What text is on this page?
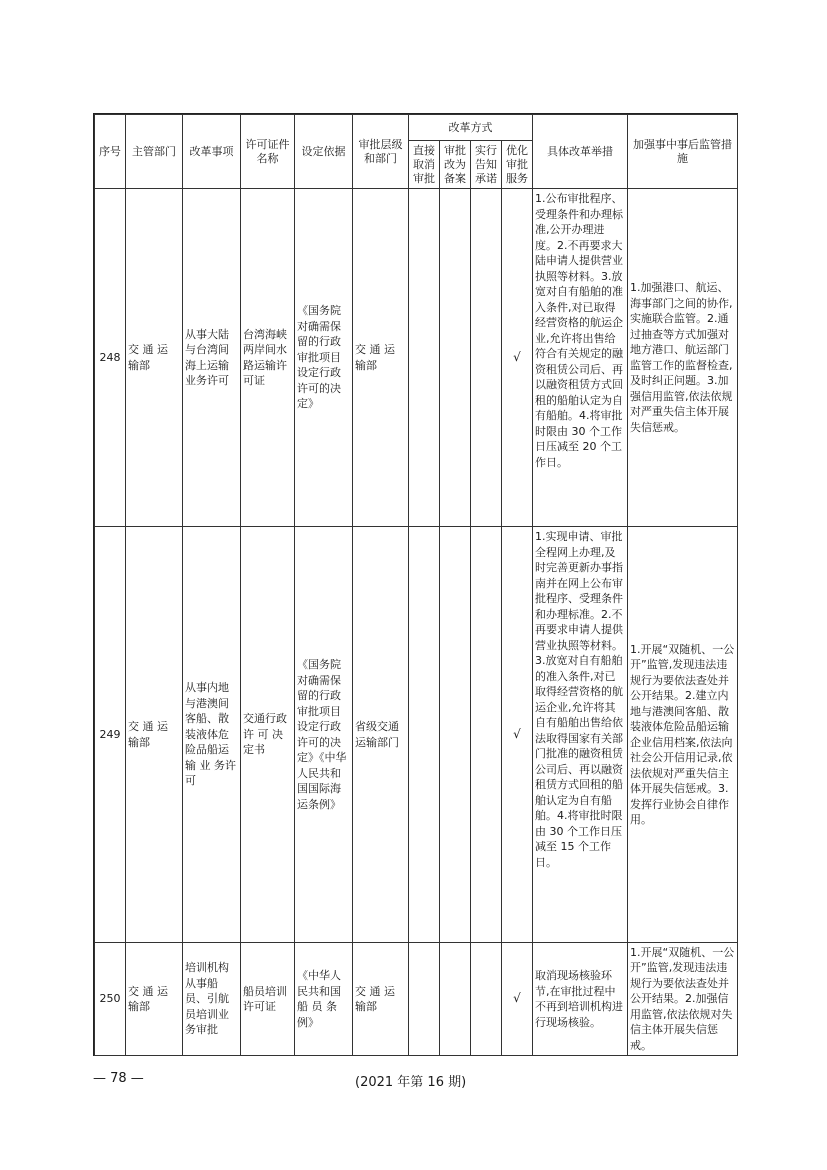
序号	主管部门	改革事项	许可证件名称	设定依据	审批层级和部门	改革方式				具体改革举措	加强事中事后监管措施
						直接取消审批	审批改为备案	实行告知承诺	优化审批服务		
248	交 通 运 输部	从事大陆与台湾间海上运输业务许可	台湾海峡两岸间水路运输许可证	《国务院对确需保留的行政审批项目设定行政许可的决定》	交 通 运 输部				√	1.公布审批程序、受理条件和办理标准,公开办理进度。2.不再要求大陆申请人提供营业执照等材料。3.放宽对自有船舶的准入条件,对已取得经营资格的航运企业,允许将出售给符合有关规定的融资租赁公司后、再以融资租赁方式回租的船舶认定为自有船舶。4.将审批时限由 30 个工作日压减至 20 个工作日。	1.加强港口、航运、海事部门之间的协作,实施联合监管。2.通过抽查等方式加强对地方港口、航运部门监管工作的监督检查,及时纠正问题。3.加强信用监管,依法依规对严重失信主体开展失信惩戒。
249	交 通 运 输部	从事内地与港澳间客船、散装液体危险品船运输 业 务许可	交通行政许 可 决定书	《国务院对确需保留的行政审批项目设定行政许可的决定》《中华人民共和国国际海运条例》	省级交通运输部门				√	1.实现申请、审批全程网上办理,及时完善更新办事指南并在网上公布审批程序、受理条件和办理标准。2.不再要求申请人提供营业执照等材料。3.放宽对自有船舶的准入条件,对已取得经营资格的航运企业,允许将其自有船舶出售给依法取得国家有关部门批准的融资租赁公司后、再以融资租赁方式回租的船舶认定为自有船舶。4.将审批时限由 30 个工作日压减至 15 个工作日。	1.开展“双随机、一公开”监管,发现违法违规行为要依法查处并公开结果。2.建立内地与港澳间客船、散装液体危险品船运输企业信用档案,依法向社会公开信用记录,依法依规对严重失信主体开展失信惩戒。3.发挥行业协会自律作用。
250	交 通 运 输部	培训机构从事船员、引航员培训业务审批	船员培训许可证	《中华人民共和国船 员 条例》	交 通 运 输部				√	取消现场核验环节,在审批过程中不再到培训机构进行现场核验。	1.开展“双随机、一公开”监管,发现违法违规行为要依法查处并公开结果。2.加强信用监管,依法依规对失信主体开展失信惩戒。
— 78 —	(2021 年第 16 期)
